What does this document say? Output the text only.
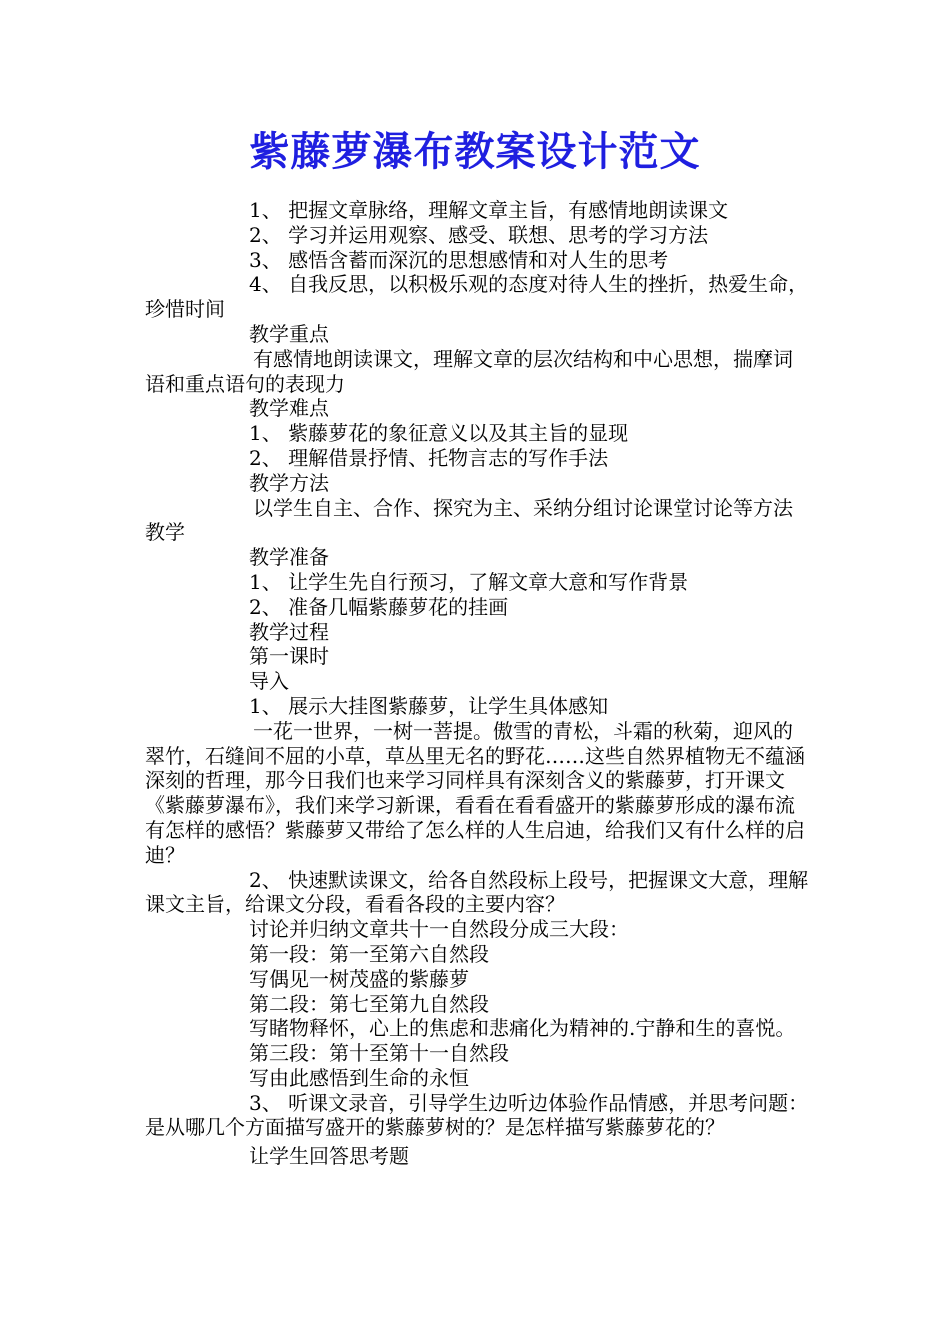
紫藤萝瀑布教案设计范文

1、 把握文章脉络，理解文章主旨，有感情地朗读课文

2、 学习并运用观察、感受、联想、思考的学习方法

3、 感悟含蓄而深沉的思想感情和对人生的思考

4、 自我反思，以积极乐观的态度对待人生的挫折，热爱生命，珍惜时间

教学重点

有感情地朗读课文，理解文章的层次结构和中心思想，揣摩词语和重点语句的表现力

教学难点

1、 紫藤萝花的象征意义以及其主旨的显现

2、 理解借景抒情、托物言志的写作手法

教学方法

以学生自主、合作、探究为主、采纳分组讨论课堂讨论等方法教学

教学准备

1、 让学生先自行预习，了解文章大意和写作背景

2、 准备几幅紫藤萝花的挂画

教学过程

第一课时

导入

1、 展示大挂图紫藤萝，让学生具体感知

一花一世界，一树一菩提。傲雪的青松，斗霜的秋菊，迎风的翠竹，石缝间不屈的小草，草丛里无名的野花……这些自然界植物无不蕴涵深刻的哲理，那今日我们也来学习同样具有深刻含义的紫藤萝，打开课文《紫藤萝瀑布》，我们来学习新课，看看在看看盛开的紫藤萝形成的瀑布流有怎样的感悟？紫藤萝又带给了怎么样的人生启迪，给我们又有什么样的启迪？

2、 快速默读课文，给各自然段标上段号，把握课文大意，理解课文主旨，给课文分段，看看各段的主要内容？

讨论并归纳文章共十一自然段分成三大段：

第一段：第一至第六自然段

写偶见一树茂盛的紫藤萝

第二段：第七至第九自然段

写睹物释怀，心上的焦虑和悲痛化为精神的.宁静和生的喜悦。

第三段：第十至第十一自然段

写由此感悟到生命的永恒

3、 听课文录音，引导学生边听边体验作品情感，并思考问题：是从哪几个方面描写盛开的紫藤萝树的？是怎样描写紫藤萝花的？

让学生回答思考题
